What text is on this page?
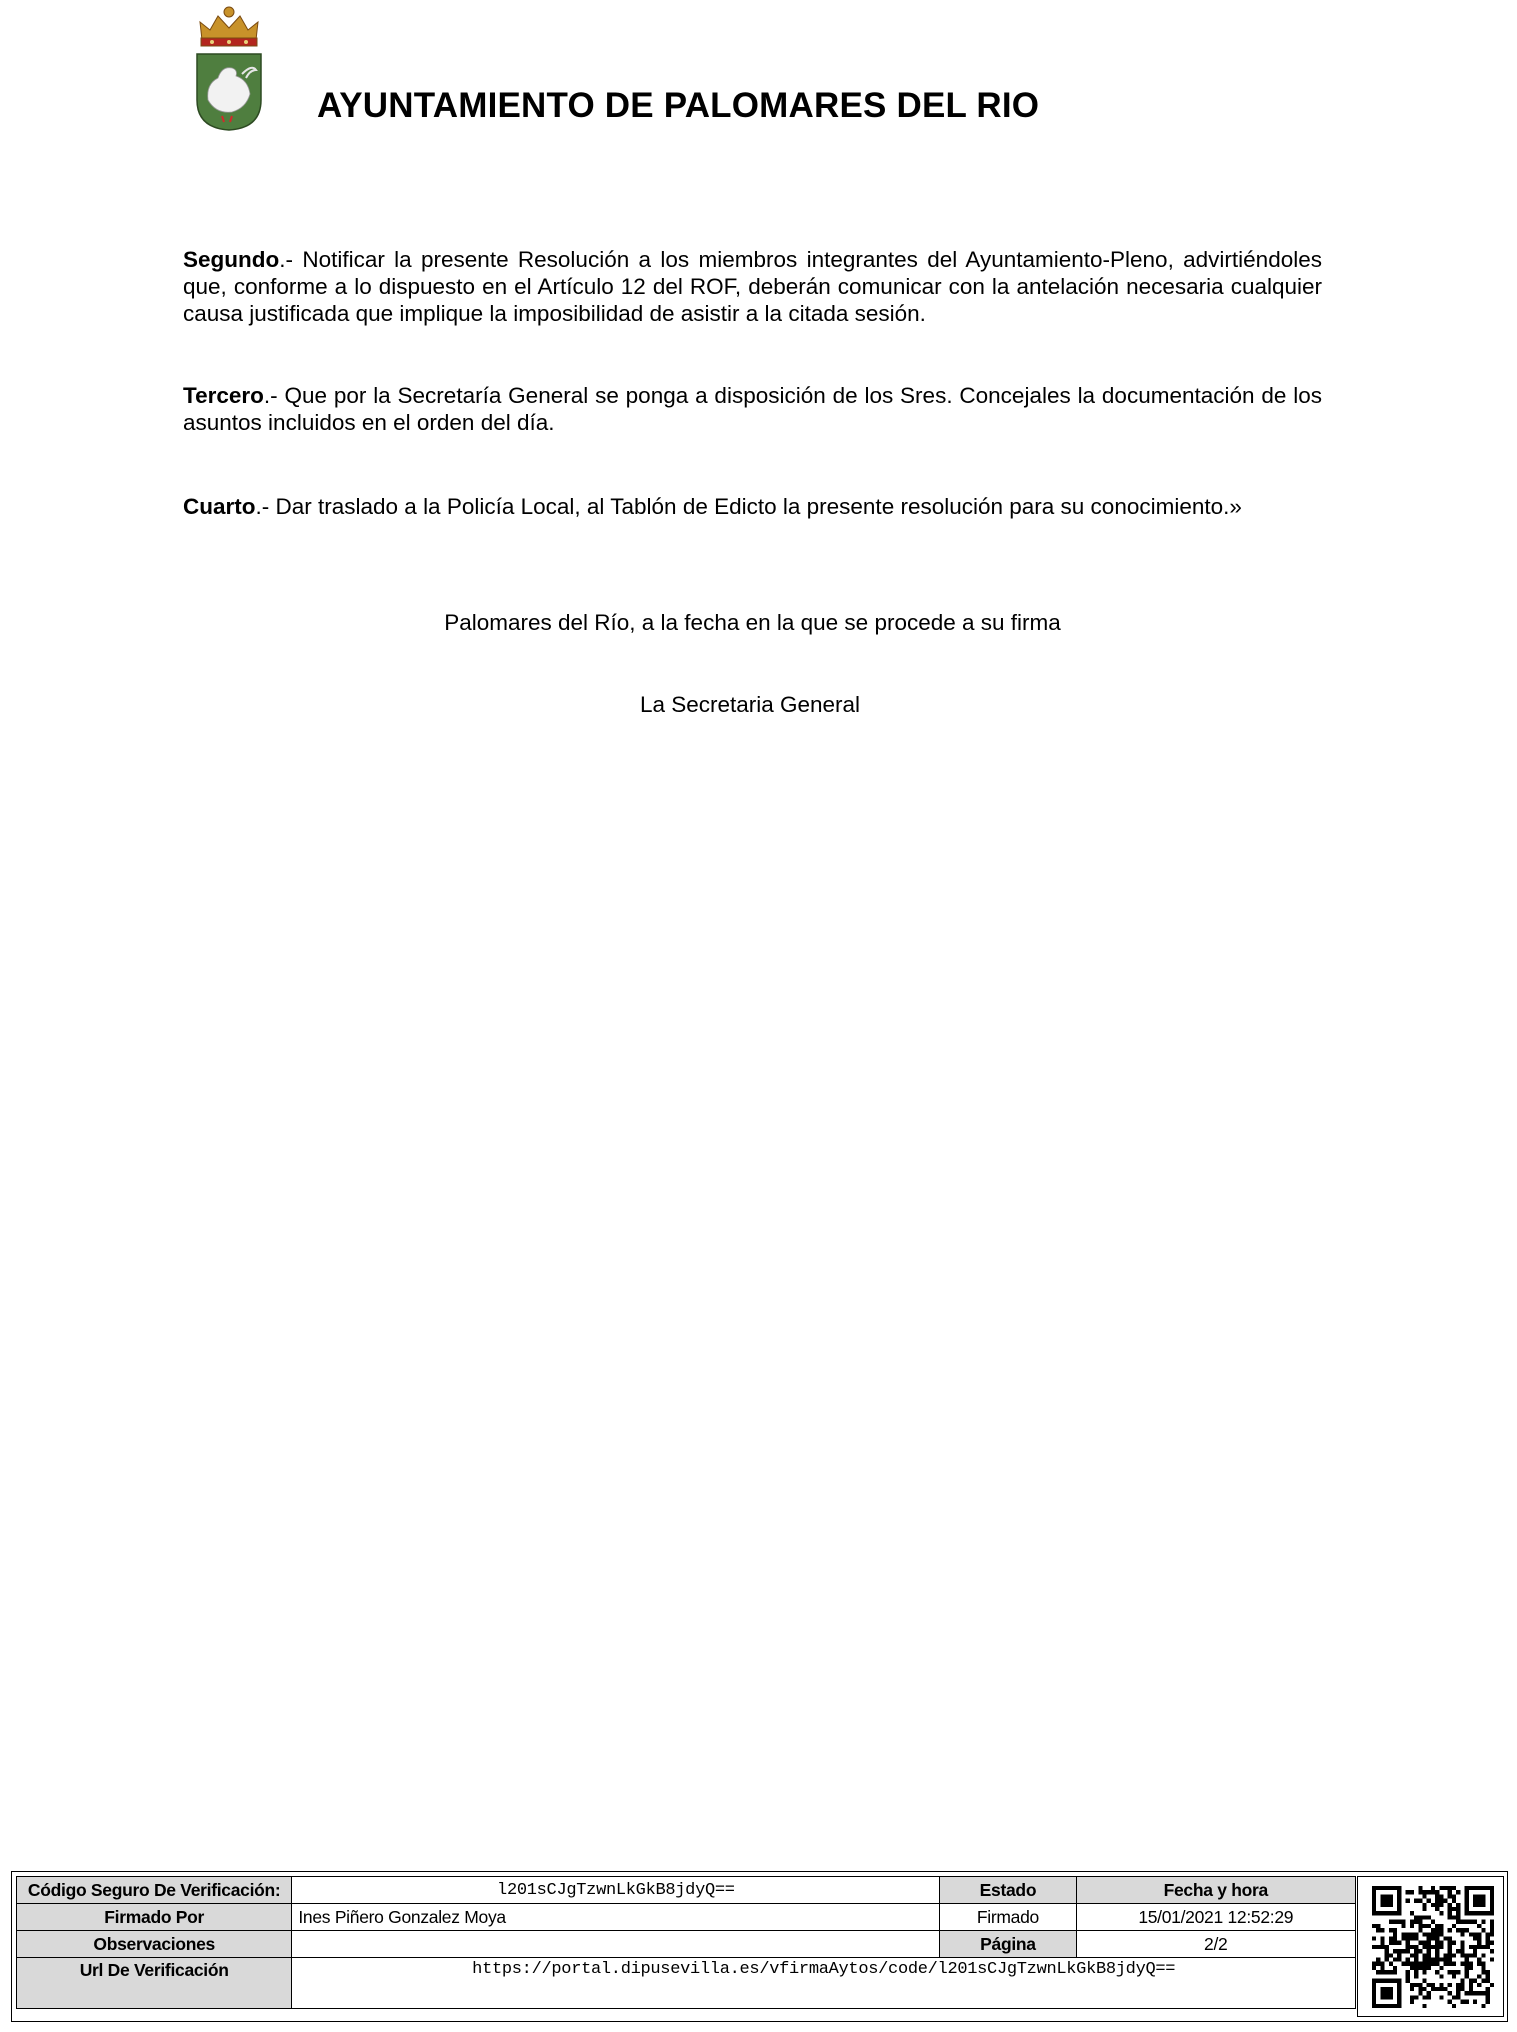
AYUNTAMIENTO DE PALOMARES DEL RIO
Segundo.- Notificar la presente Resolución a los miembros integrantes del Ayuntamiento-Pleno, advirtiéndoles que, conforme a lo dispuesto en el Artículo 12 del ROF, deberán comunicar con la antelación necesaria cualquier causa justificada que implique la imposibilidad de asistir a la citada sesión.
Tercero.- Que por la Secretaría General se ponga a disposición de los Sres. Concejales la documentación de los asuntos incluidos en el orden del día.
Cuarto.- Dar traslado a la Policía Local, al Tablón de Edicto la presente resolución para su conocimiento.»
Palomares del Río, a la fecha en la que se procede a su firma
La Secretaria General
Código Seguro De Verificación:	l201sCJgTzwnLkGkB8jdyQ==	Estado	Fecha y hora
Firmado Por	Ines Piñero Gonzalez Moya	Firmado	15/01/2021 12:52:29
Observaciones		Página	2/2
Url De Verificación	https://portal.dipusevilla.es/vfirmaAytos/code/l201sCJgTzwnLkGkB8jdyQ==		
